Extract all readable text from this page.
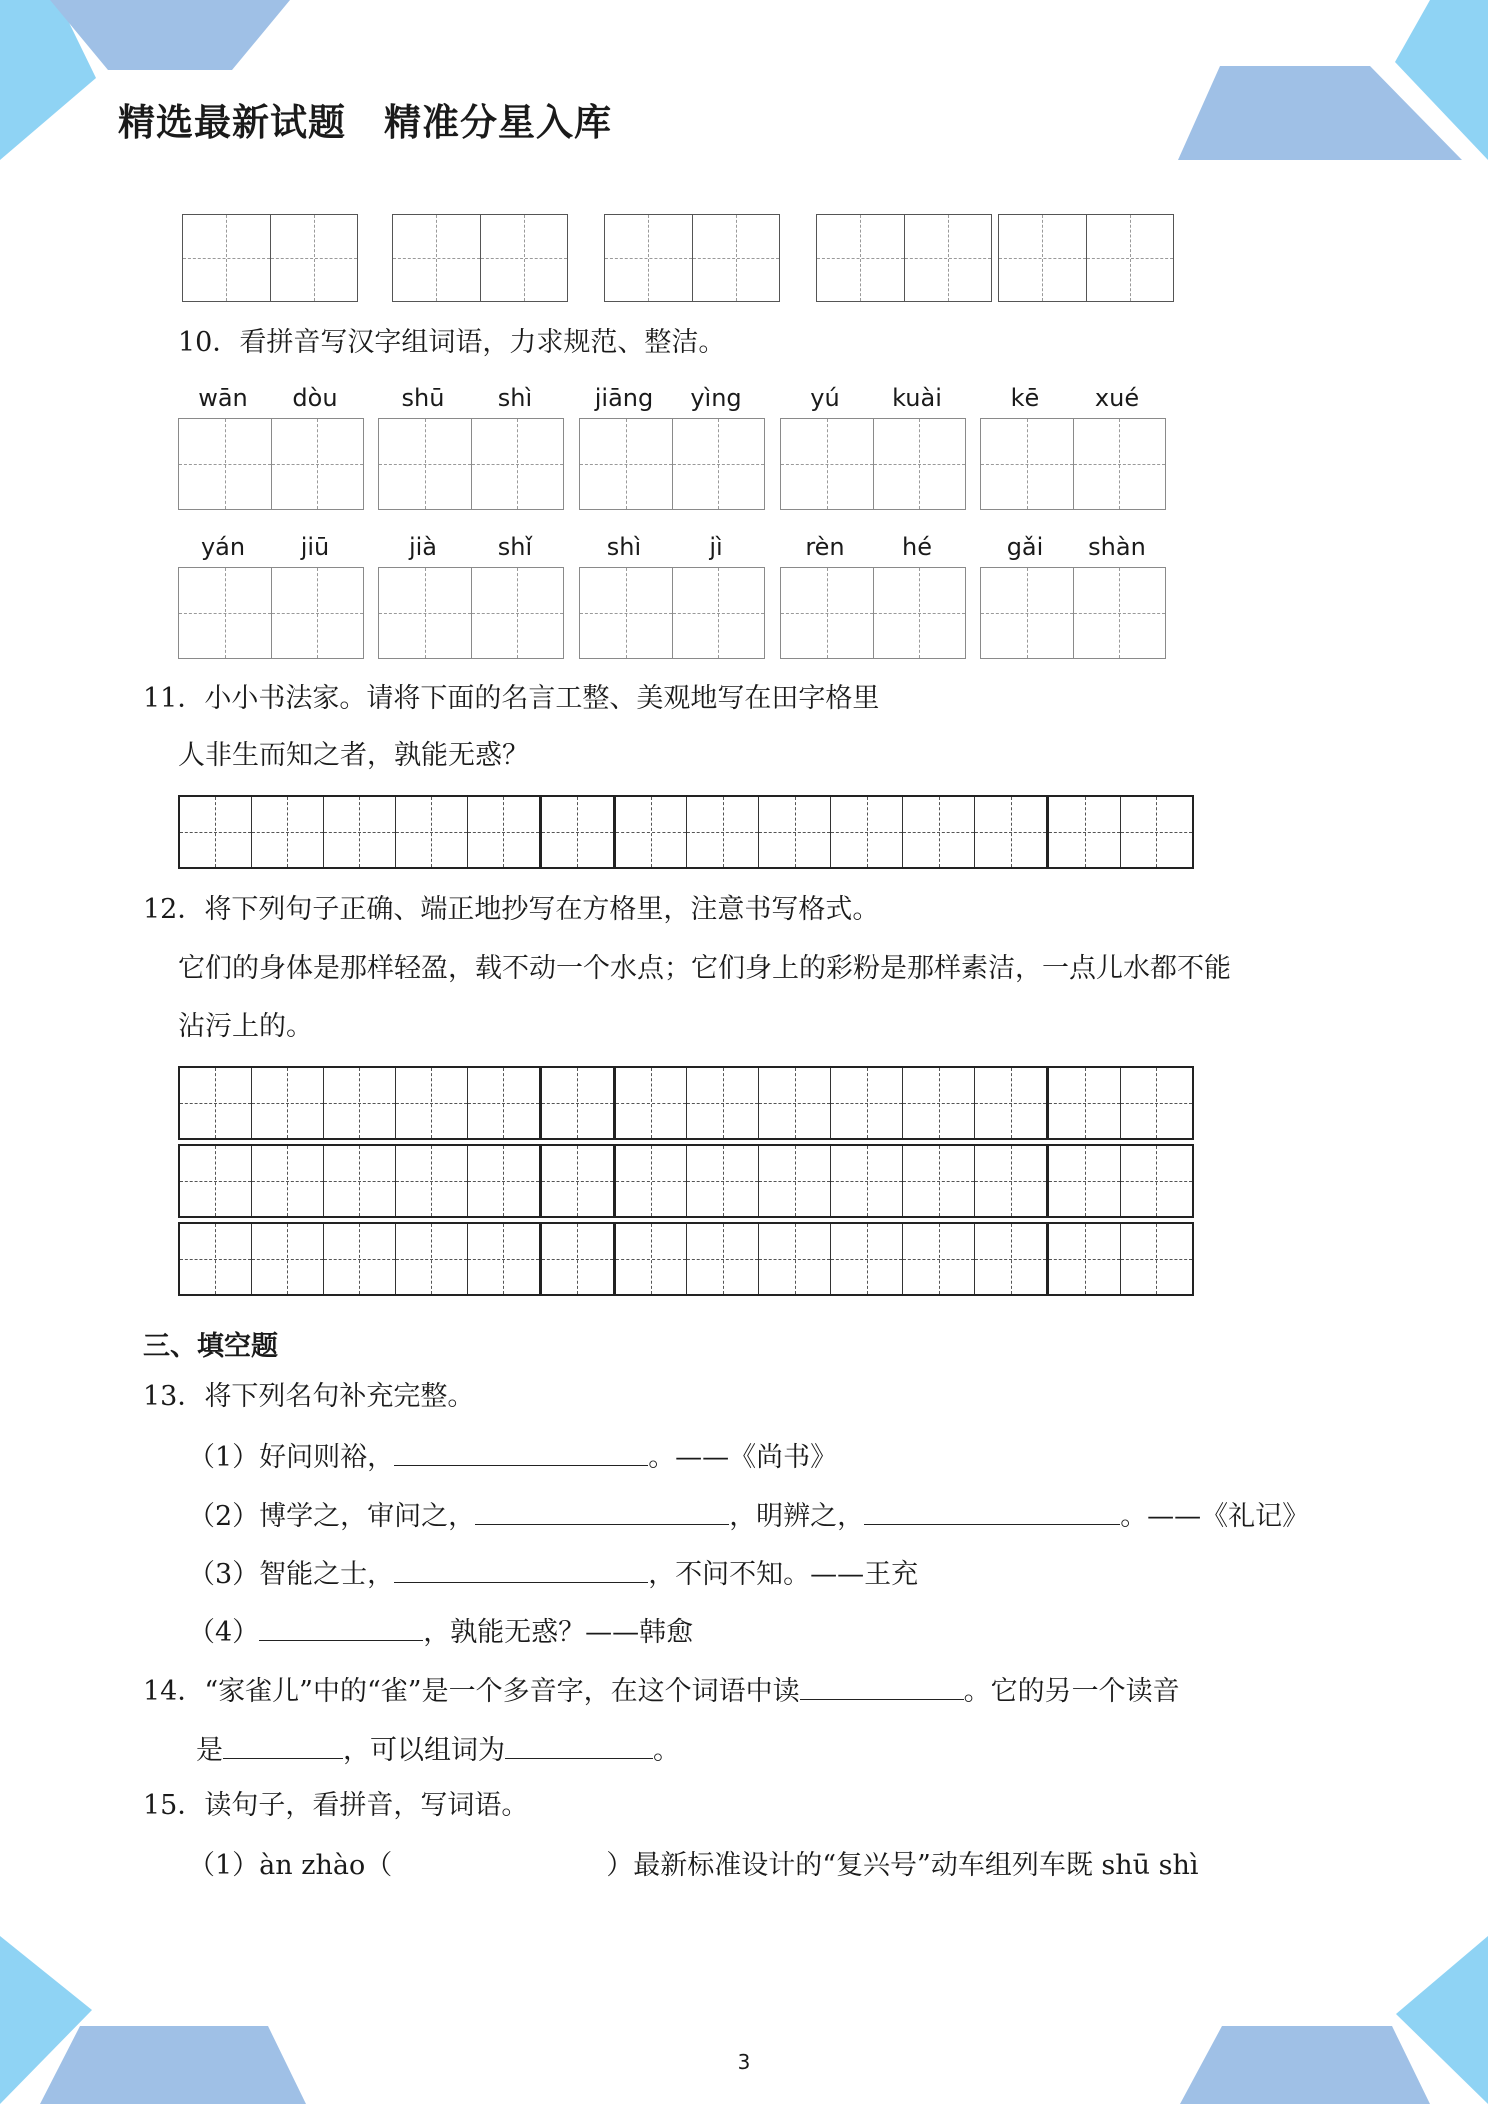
精选最新试题　精准分星入库
10．看拼音写汉字组词语，力求规范、整洁。
wān	dòu	shū	shì	jiāng	yìng	yú	kuài	kē	xué
yán	jiū	jià	shǐ	shì	jì	rèn	hé	gǎi	shàn
11．小小书法家。请将下面的名言工整、美观地写在田字格里
人非生而知之者，孰能无惑？
12．将下列句子正确、端正地抄写在方格里，注意书写格式。
它们的身体是那样轻盈，载不动一个水点；它们身上的彩粉是那样素洁，一点儿水都不能
沾污上的。
三、填空题
13．将下列名句补充完整。
（1）好问则裕，	。——《尚书》
（2）博学之，审问之，	，明辨之，	。——《礼记》
（3）智能之士，	，不问不知。——王充
（4）	，孰能无惑？——韩愈
14．“家雀儿”中的“雀”是一个多音字，在这个词语中读	。它的另一个读音
是	，可以组词为	。
15．读句子，看拼音，写词语。
（1）àn zhào（	）最新标准设计的“复兴号”动车组列车既 shū shì
3
